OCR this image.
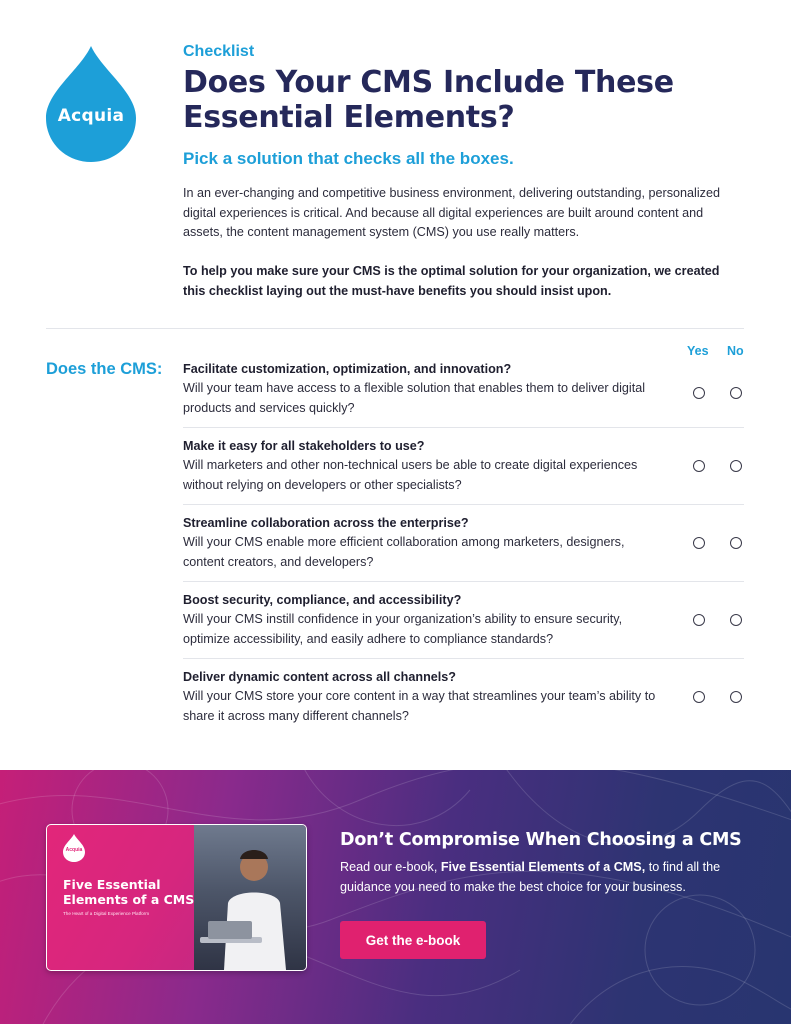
Acquia
Checklist
Does Your CMS Include These Essential Elements?
Pick a solution that checks all the boxes.

In an ever-changing and competitive business environment, delivering outstanding, personalized digital experiences is critical. And because all digital experiences are built around content and assets, the content management system (CMS) you use really matters.

To help you make sure your CMS is the optimal solution for your organization, we created this checklist laying out the must-have benefits you should insist upon.

Does the CMS:
Yes No

Facilitate customization, optimization, and innovation?

Will your team have access to a flexible solution that enables them to deliver digital products and services quickly?

Make it easy for all stakeholders to use?

Will marketers and other non-technical users be able to create digital experiences without relying on developers or other specialists?

Streamline collaboration across the enterprise?

Will your CMS enable more efficient collaboration among marketers, designers, content creators, and developers?

Boost security, compliance, and accessibility?

Will your CMS instill confidence in your organization’s ability to ensure security, optimize accessibility, and easily adhere to compliance standards?

Deliver dynamic content across all channels?

Will your CMS store your core content in a way that streamlines your team’s ability to share it across many different channels?

Acquia
Five Essential Elements of a CMS
The Heart of a Digital Experience Platform
Don’t Compromise When Choosing a CMS

Read our e-book, Five Essential Elements of a CMS, to find all the guidance you need to make the best choice for your business.

Get the e-book
